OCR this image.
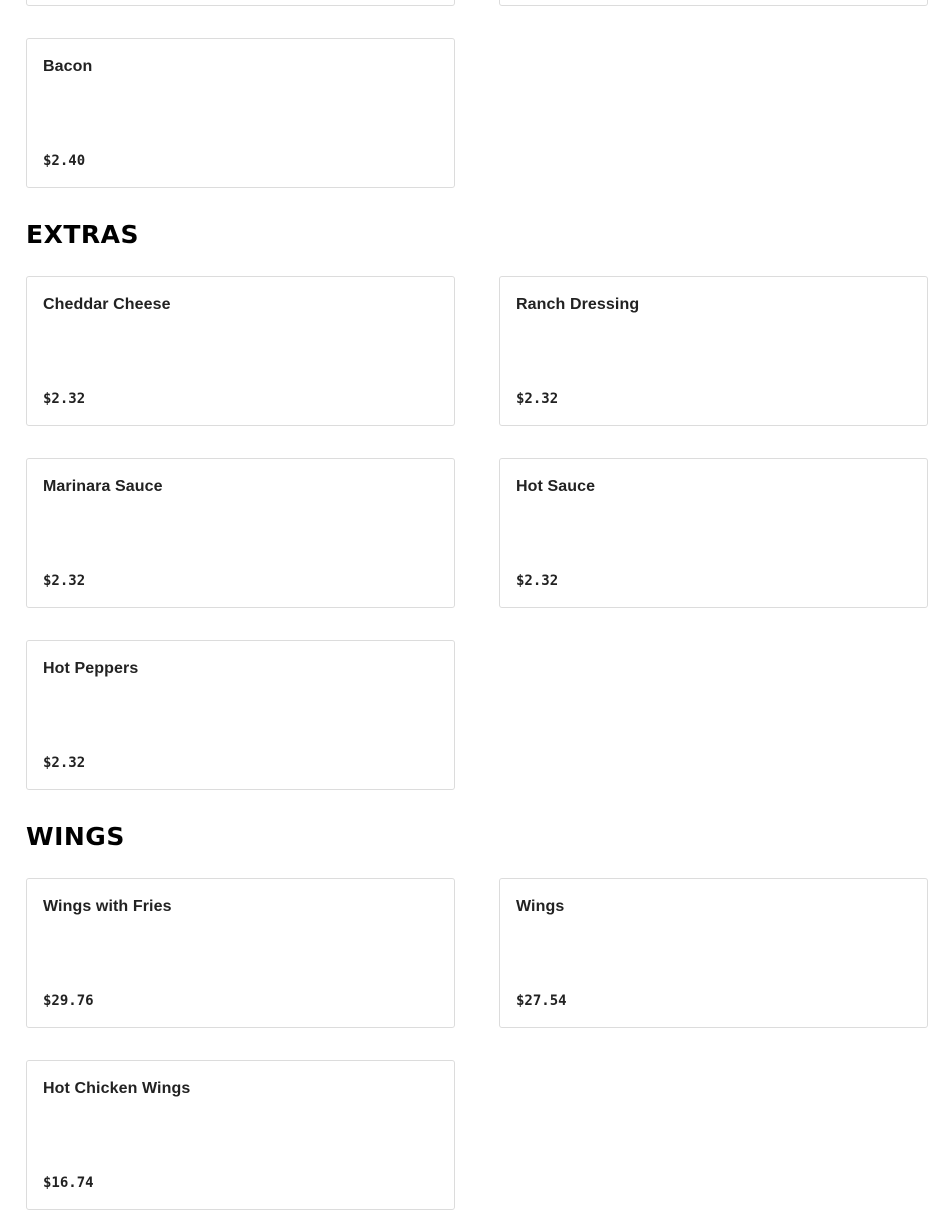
Bacon
$2.40
EXTRAS
Cheddar Cheese
$2.32
Ranch Dressing
$2.32
Marinara Sauce
$2.32
Hot Sauce
$2.32
Hot Peppers
$2.32
WINGS
Wings with Fries
$29.76
Wings
$27.54
Hot Chicken Wings
$16.74
